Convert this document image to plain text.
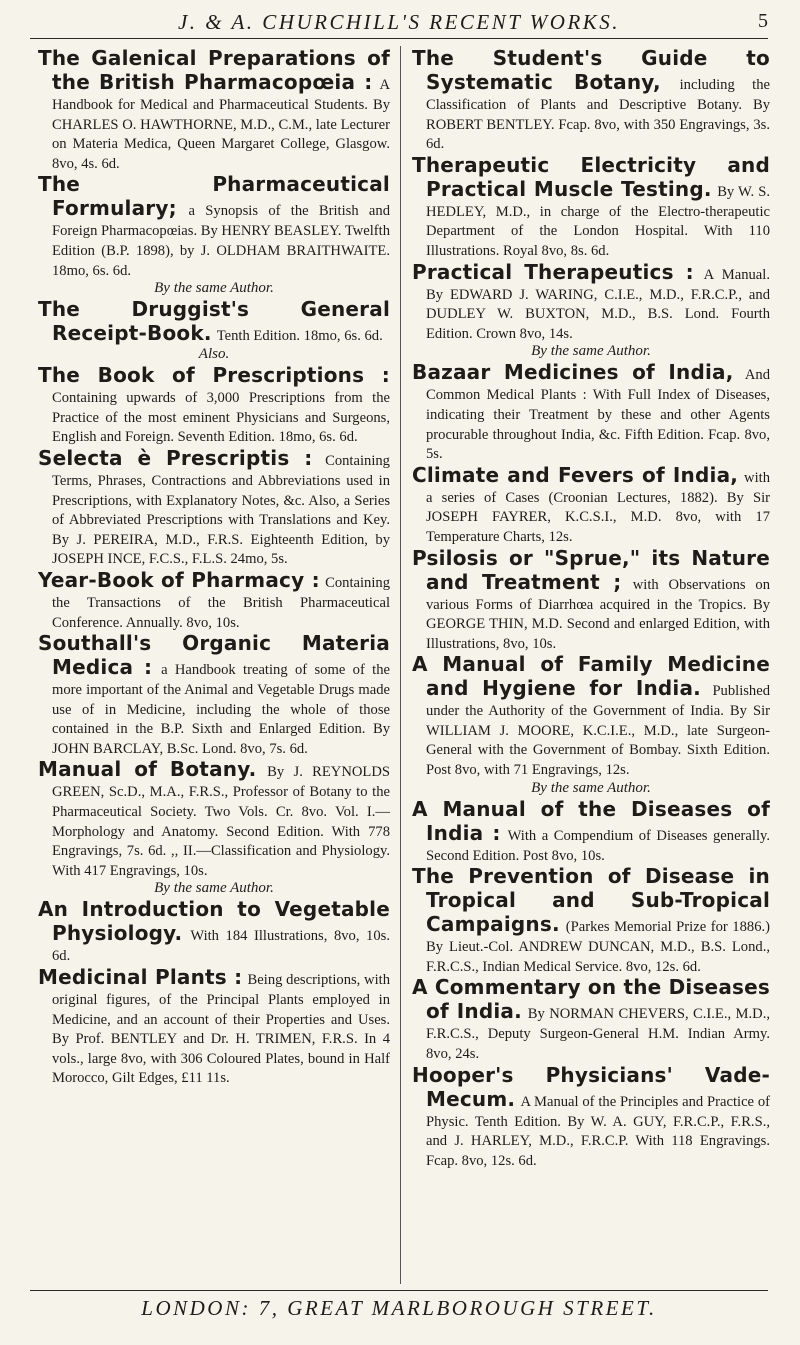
J. & A. CHURCHILL'S RECENT WORKS.	5
The Galenical Preparations of the British Pharmacopœia : A Handbook for Medical and Pharmaceutical Students. By CHARLES O. HAWTHORNE, M.D., C.M., late Lecturer on Materia Medica, Queen Margaret College, Glasgow. 8vo, 4s. 6d.
The Pharmaceutical Formulary; a Synopsis of the British and Foreign Pharmacopœias. By HENRY BEASLEY. Twelfth Edition (B.P. 1898), by J. OLDHAM BRAITHWAITE. 18mo, 6s. 6d.
By the same Author.
The Druggist's General Receipt-Book. Tenth Edition. 18mo, 6s. 6d.
Also.
The Book of Prescriptions : Containing upwards of 3,000 Prescriptions from the Practice of the most eminent Physicians and Surgeons, English and Foreign. Seventh Edition. 18mo, 6s. 6d.
Selecta è Prescriptis : Containing Terms, Phrases, Contractions and Abbreviations used in Prescriptions, with Explanatory Notes, &c. Also, a Series of Abbreviated Prescriptions with Translations and Key. By J. PEREIRA, M.D., F.R.S. Eighteenth Edition, by JOSEPH INCE, F.C.S., F.L.S. 24mo, 5s.
Year-Book of Pharmacy : Containing the Transactions of the British Pharmaceutical Conference. Annually. 8vo, 10s.
Southall's Organic Materia Medica : a Handbook treating of some of the more important of the Animal and Vegetable Drugs made use of in Medicine, including the whole of those contained in the B.P. Sixth and Enlarged Edition. By JOHN BARCLAY, B.Sc. Lond. 8vo, 7s. 6d.
Manual of Botany. By J. REYNOLDS GREEN, Sc.D., M.A., F.R.S., Professor of Botany to the Pharmaceutical Society. Two Vols. Cr. 8vo. Vol. I.—Morphology and Anatomy. Second Edition. With 778 Engravings, 7s. 6d. ,, II.—Classification and Physiology. With 417 Engravings, 10s.
By the same Author.
An Introduction to Vegetable Physiology. With 184 Illustrations, 8vo, 10s. 6d.
Medicinal Plants : Being descriptions, with original figures, of the Principal Plants employed in Medicine, and an account of their Properties and Uses. By Prof. BENTLEY and Dr. H. TRIMEN, F.R.S. In 4 vols., large 8vo, with 306 Coloured Plates, bound in Half Morocco, Gilt Edges, £11 11s.
The Student's Guide to Systematic Botany, including the Classification of Plants and Descriptive Botany. By ROBERT BENTLEY. Fcap. 8vo, with 350 Engravings, 3s. 6d.
Therapeutic Electricity and Practical Muscle Testing. By W. S. HEDLEY, M.D., in charge of the Electro-therapeutic Department of the London Hospital. With 110 Illustrations. Royal 8vo, 8s. 6d.
Practical Therapeutics : A Manual. By EDWARD J. WARING, C.I.E., M.D., F.R.C.P., and DUDLEY W. BUXTON, M.D., B.S. Lond. Fourth Edition. Crown 8vo, 14s.
By the same Author.
Bazaar Medicines of India, And Common Medical Plants : With Full Index of Diseases, indicating their Treatment by these and other Agents procurable throughout India, &c. Fifth Edition. Fcap. 8vo, 5s.
Climate and Fevers of India, with a series of Cases (Croonian Lectures, 1882). By Sir JOSEPH FAYRER, K.C.S.I., M.D. 8vo, with 17 Temperature Charts, 12s.
Psilosis or "Sprue," its Nature and Treatment ; with Observations on various Forms of Diarrhœa acquired in the Tropics. By GEORGE THIN, M.D. Second and enlarged Edition, with Illustrations, 8vo, 10s.
A Manual of Family Medicine and Hygiene for India. Published under the Authority of the Government of India. By Sir WILLIAM J. MOORE, K.C.I.E., M.D., late Surgeon-General with the Government of Bombay. Sixth Edition. Post 8vo, with 71 Engravings, 12s.
By the same Author.
A Manual of the Diseases of India : With a Compendium of Diseases generally. Second Edition. Post 8vo, 10s.
The Prevention of Disease in Tropical and Sub-Tropical Campaigns. (Parkes Memorial Prize for 1886.) By Lieut.-Col. ANDREW DUNCAN, M.D., B.S. Lond., F.R.C.S., Indian Medical Service. 8vo, 12s. 6d.
A Commentary on the Diseases of India. By NORMAN CHEVERS, C.I.E., M.D., F.R.C.S., Deputy Surgeon-General H.M. Indian Army. 8vo, 24s.
Hooper's Physicians' Vade-Mecum. A Manual of the Principles and Practice of Physic. Tenth Edition. By W. A. GUY, F.R.C.P., F.R.S., and J. HARLEY, M.D., F.R.C.P. With 118 Engravings. Fcap. 8vo, 12s. 6d.
LONDON: 7, GREAT MARLBOROUGH STREET.
